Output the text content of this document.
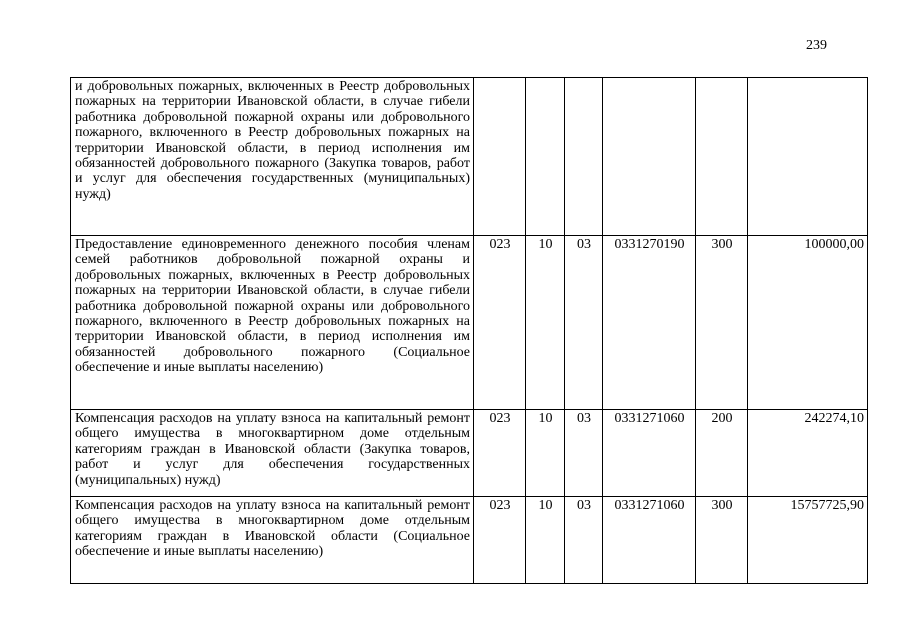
239
и добровольных пожарных, включенных в Реестр добровольных пожарных на территории Ивановской области, в случае гибели работника добровольной пожарной охраны или добровольного пожарного, включенного в Реестр добровольных пожарных на территории Ивановской области, в период исполнения им обязанностей добровольного пожарного (Закупка товаров, работ и услуг для обеспечения государственных (муниципальных) нужд)						
Предоставление единовременного денежного пособия членам семей работников добровольной пожарной охраны и добровольных пожарных, включенных в Реестр добровольных пожарных на территории Ивановской области, в случае гибели работника добровольной пожарной охраны или добровольного пожарного, включенного в Реестр добровольных пожарных на территории Ивановской области, в период исполнения им обязанностей добровольного пожарного (Социальное обеспечение и иные выплаты населению)	023	10	03	0331270190	300	100000,00
Компенсация расходов на уплату взноса на капитальный ремонт общего имущества в многоквартирном доме отдельным категориям граждан в Ивановской области (Закупка товаров, работ и услуг для обеспечения государственных (муниципальных) нужд)	023	10	03	0331271060	200	242274,10
Компенсация расходов на уплату взноса на капитальный ремонт общего имущества в многоквартирном доме отдельным категориям граждан в Ивановской области (Социальное обеспечение и иные выплаты населению)	023	10	03	0331271060	300	15757725,90
